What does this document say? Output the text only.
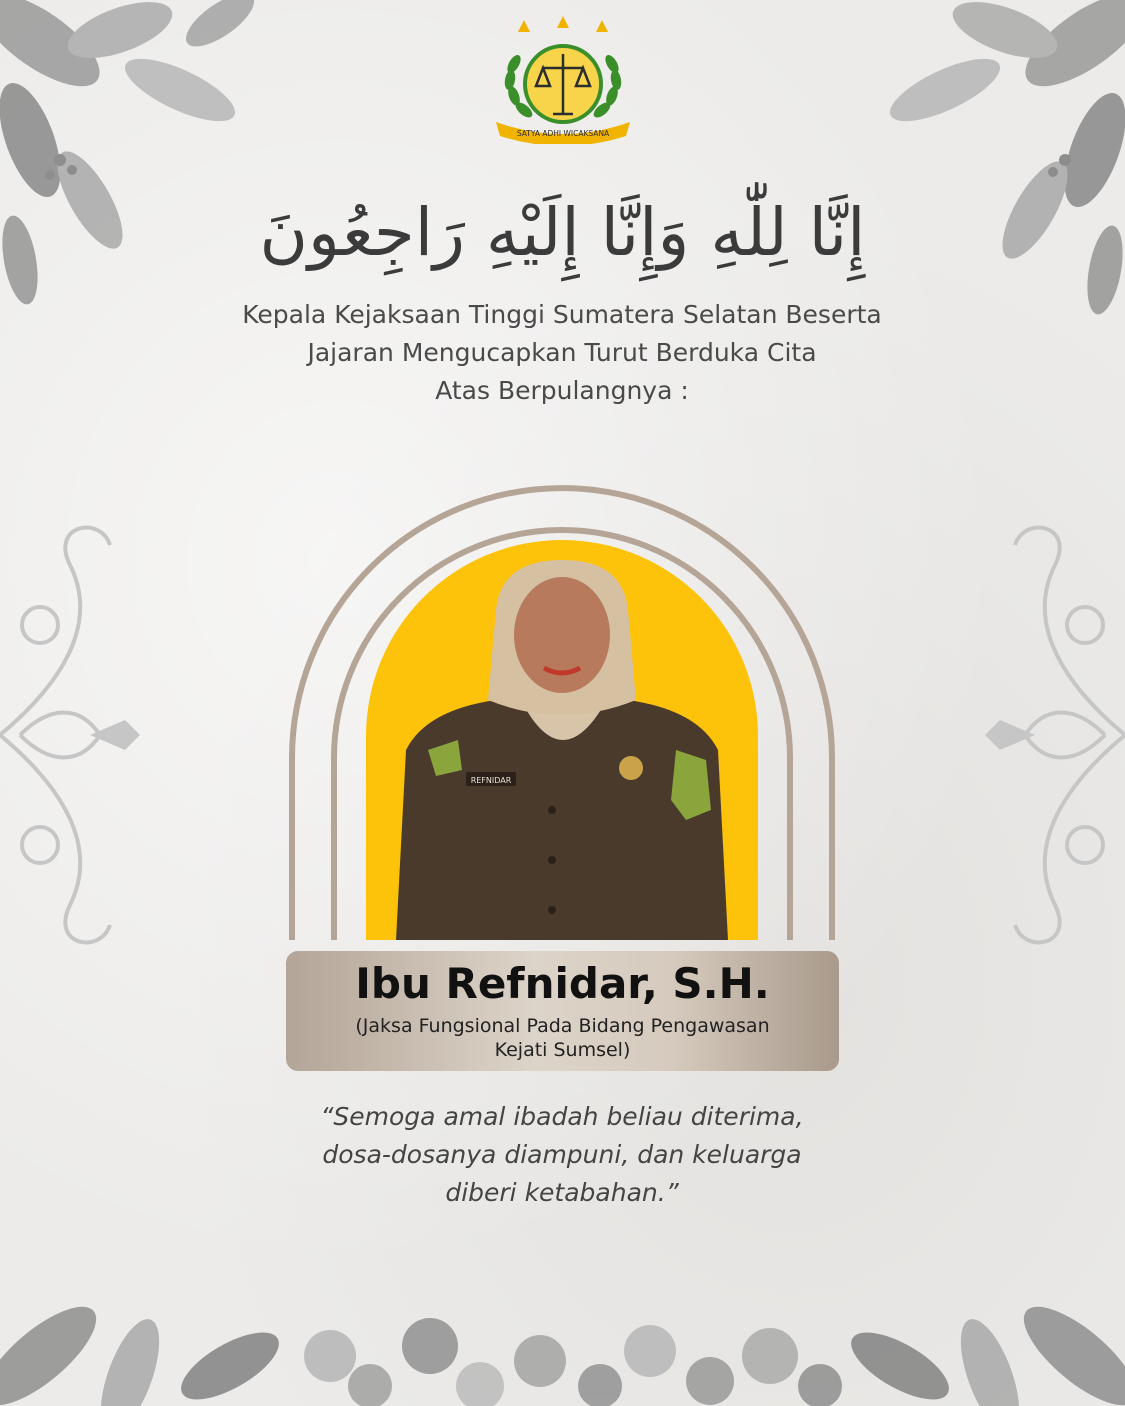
SATYA ADHI WICAKSANA
إِنَّا لِلّٰهِ وَإِنَّا إِلَيْهِ رَاجِعُونَ
Kepala Kejaksaan Tinggi Sumatera Selatan Beserta
Jajaran Mengucapkan Turut Berduka Cita
Atas Berpulangnya :
REFNIDAR
Ibu Refnidar, S.H.
(Jaksa Fungsional Pada Bidang Pengawasan
Kejati Sumsel)
“Semoga amal ibadah beliau diterima,
dosa-dosanya diampuni, dan keluarga
diberi ketabahan.”
